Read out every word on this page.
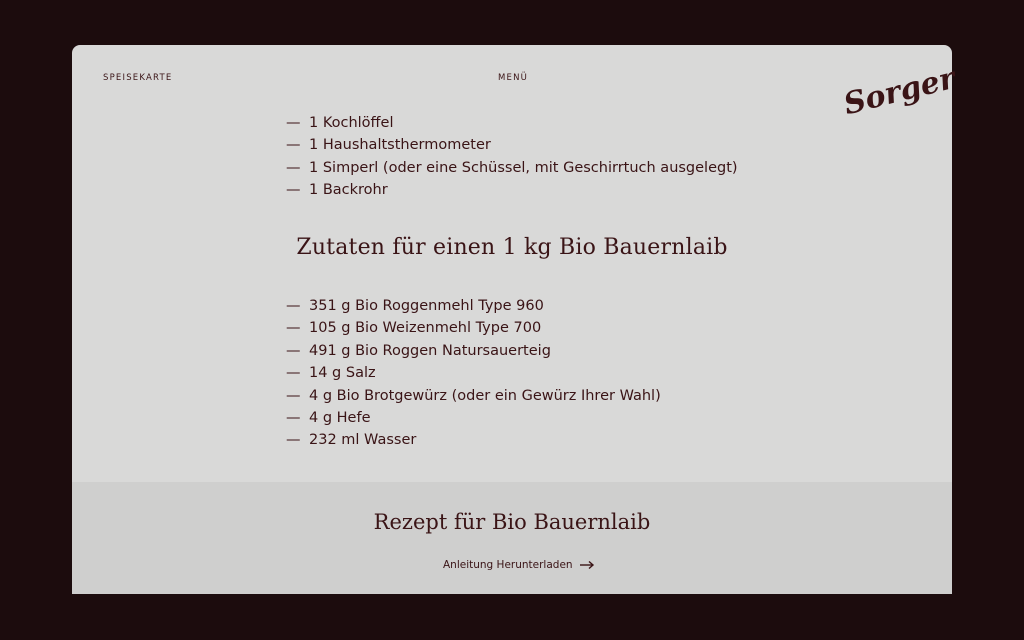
SPEISEKARTE	MENÜ	Sorger
— 1 Kochlöffel
— 1 Haushaltsthermometer
— 1 Simperl (oder eine Schüssel, mit Geschirrtuch ausgelegt)
— 1 Backrohr
Zutaten für einen 1 kg Bio Bauernlaib
— 351 g Bio Roggenmehl Type 960
— 105 g Bio Weizenmehl Type 700
— 491 g Bio Roggen Natursauerteig
— 14 g Salz
— 4 g Bio Brotgewürz (oder ein Gewürz Ihrer Wahl)
— 4 g Hefe
— 232 ml Wasser
Rezept für Bio Bauernlaib
Anleitung Herunterladen
